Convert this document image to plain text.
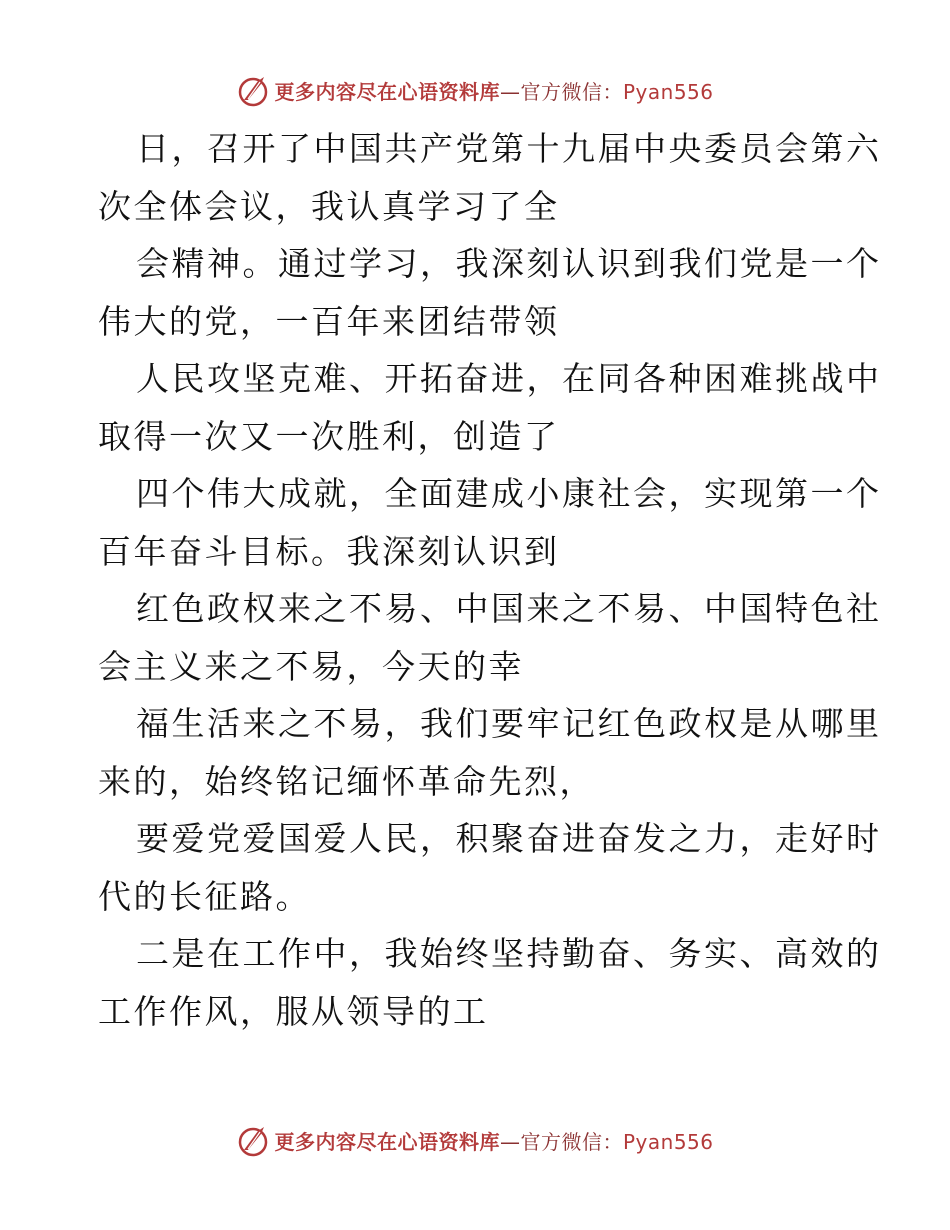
更多内容尽在心语资料库—官方微信：Pyan556
日，召开了中国共产党第十九届中央委员会第六
次全体会议，我认真学习了全
会精神。通过学习，我深刻认识到我们党是一个
伟大的党，一百年来团结带领
人民攻坚克难、开拓奋进，在同各种困难挑战中
取得一次又一次胜利，创造了
四个伟大成就，全面建成小康社会，实现第一个
百年奋斗目标。我深刻认识到
红色政权来之不易、中国来之不易、中国特色社
会主义来之不易，今天的幸
福生活来之不易，我们要牢记红色政权是从哪里
来的，始终铭记缅怀革命先烈，
要爱党爱国爱人民，积聚奋进奋发之力，走好时
代的长征路。
二是在工作中，我始终坚持勤奋、务实、高效的
工作作风，服从领导的工
更多内容尽在心语资料库—官方微信：Pyan556
